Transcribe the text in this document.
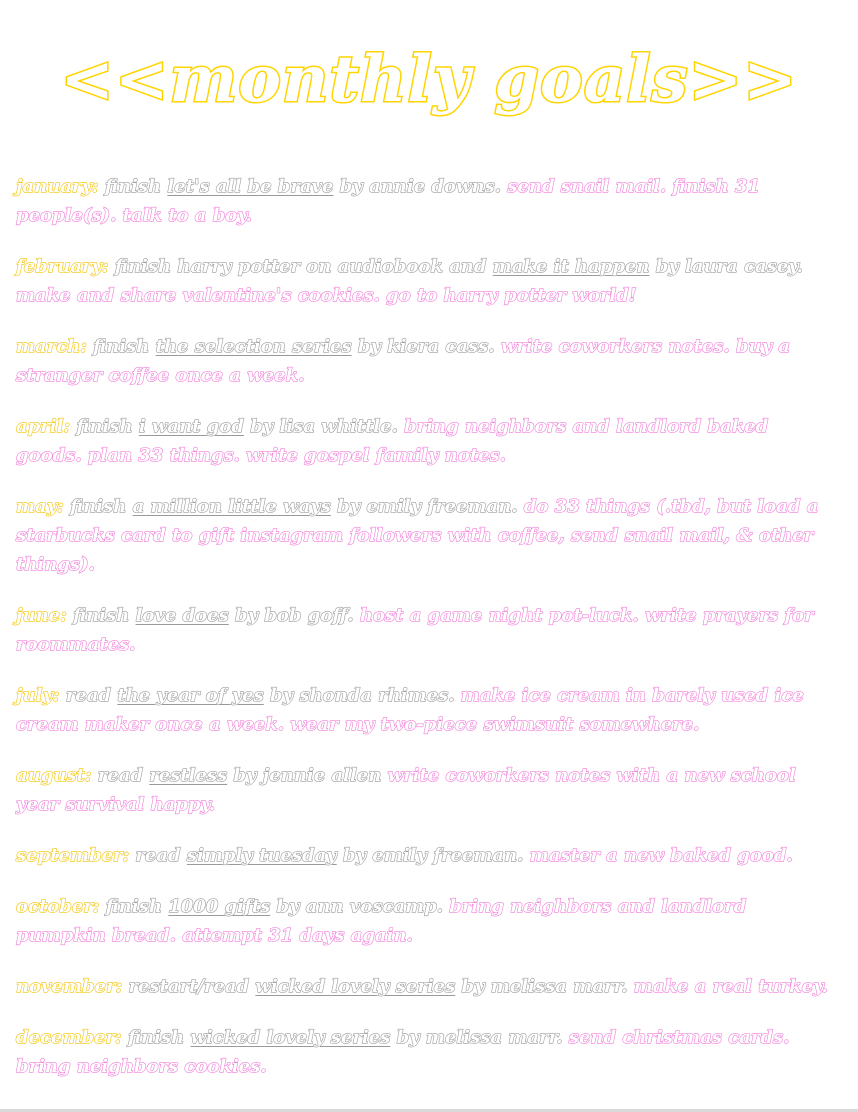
<<monthly goals>>

january: finish let's all be brave by annie downs. send snail mail. finish 31 people(s). talk to a boy.

february: finish harry potter on audiobook and make it happen by laura casey. make and share valentine's cookies. go to harry potter world!

march: finish the selection series by kiera cass. write coworkers notes. buy a stranger coffee once a week.

april: finish i want god by lisa whittle. bring neighbors and landlord baked goods. plan 33 things. write gospel family notes.

may: finish a million little ways by emily freeman. do 33 things (.tbd, but load a starbucks card to gift instagram followers with coffee, send snail mail, & other things).

june: finish love does by bob goff. host a game night pot-luck. write prayers for roommates.

july: read the year of yes by shonda rhimes. make ice cream in barely used ice cream maker once a week. wear my two-piece swimsuit somewhere.

august: read restless by jennie allen write coworkers notes with a new school year survival happy.

september: read simply tuesday by emily freeman. master a new baked good.

october: finish 1000 gifts by ann voscamp. bring neighbors and landlord pumpkin bread. attempt 31 days again.

november: restart/read wicked lovely series by melissa marr. make a real turkey.

december: finish wicked lovely series by melissa marr. send christmas cards. bring neighbors cookies.
